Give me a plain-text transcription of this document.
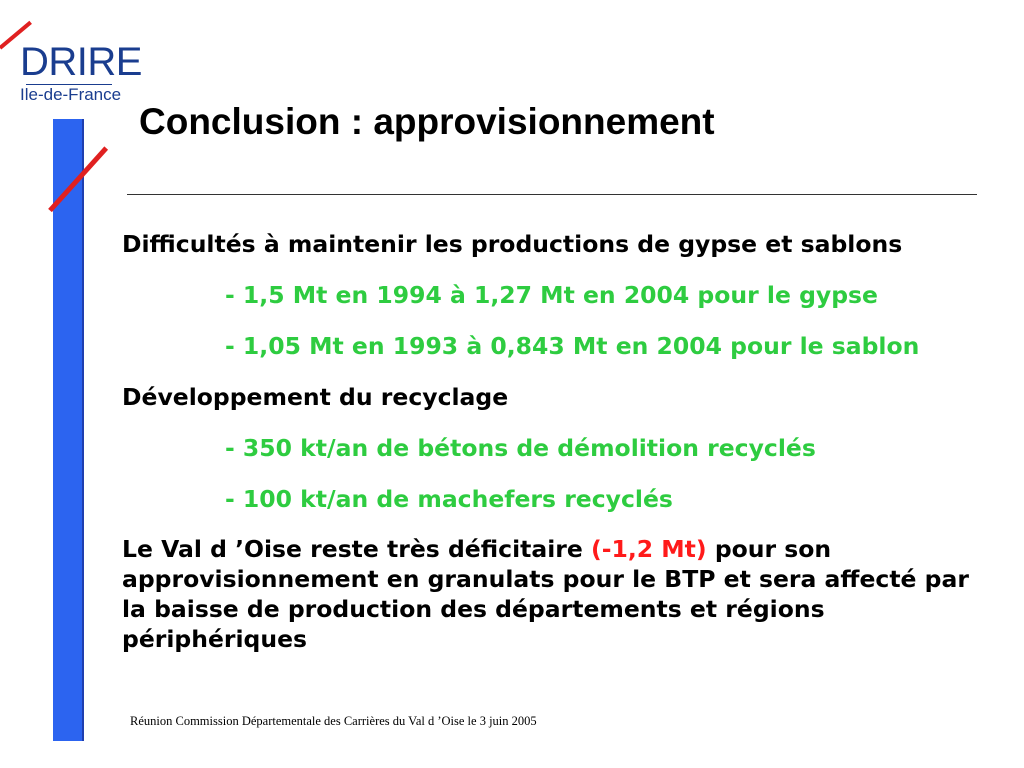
DRIRE
Ile-de-France
Conclusion : approvisionnement
Difficultés à maintenir les productions de gypse et sablons
- 1,5 Mt en 1994 à 1,27 Mt en 2004 pour le gypse
- 1,05 Mt en 1993 à 0,843 Mt en 2004 pour le sablon
Développement du recyclage
- 350 kt/an de bétons de démolition recyclés
- 100 kt/an de machefers recyclés
Le Val d ’Oise reste très déficitaire (-1,2 Mt) pour son approvisionnement en granulats pour le BTP et sera affecté par la baisse de production des départements et régions périphériques
Réunion Commission Départementale des Carrières du Val d ’Oise le 3 juin 2005
